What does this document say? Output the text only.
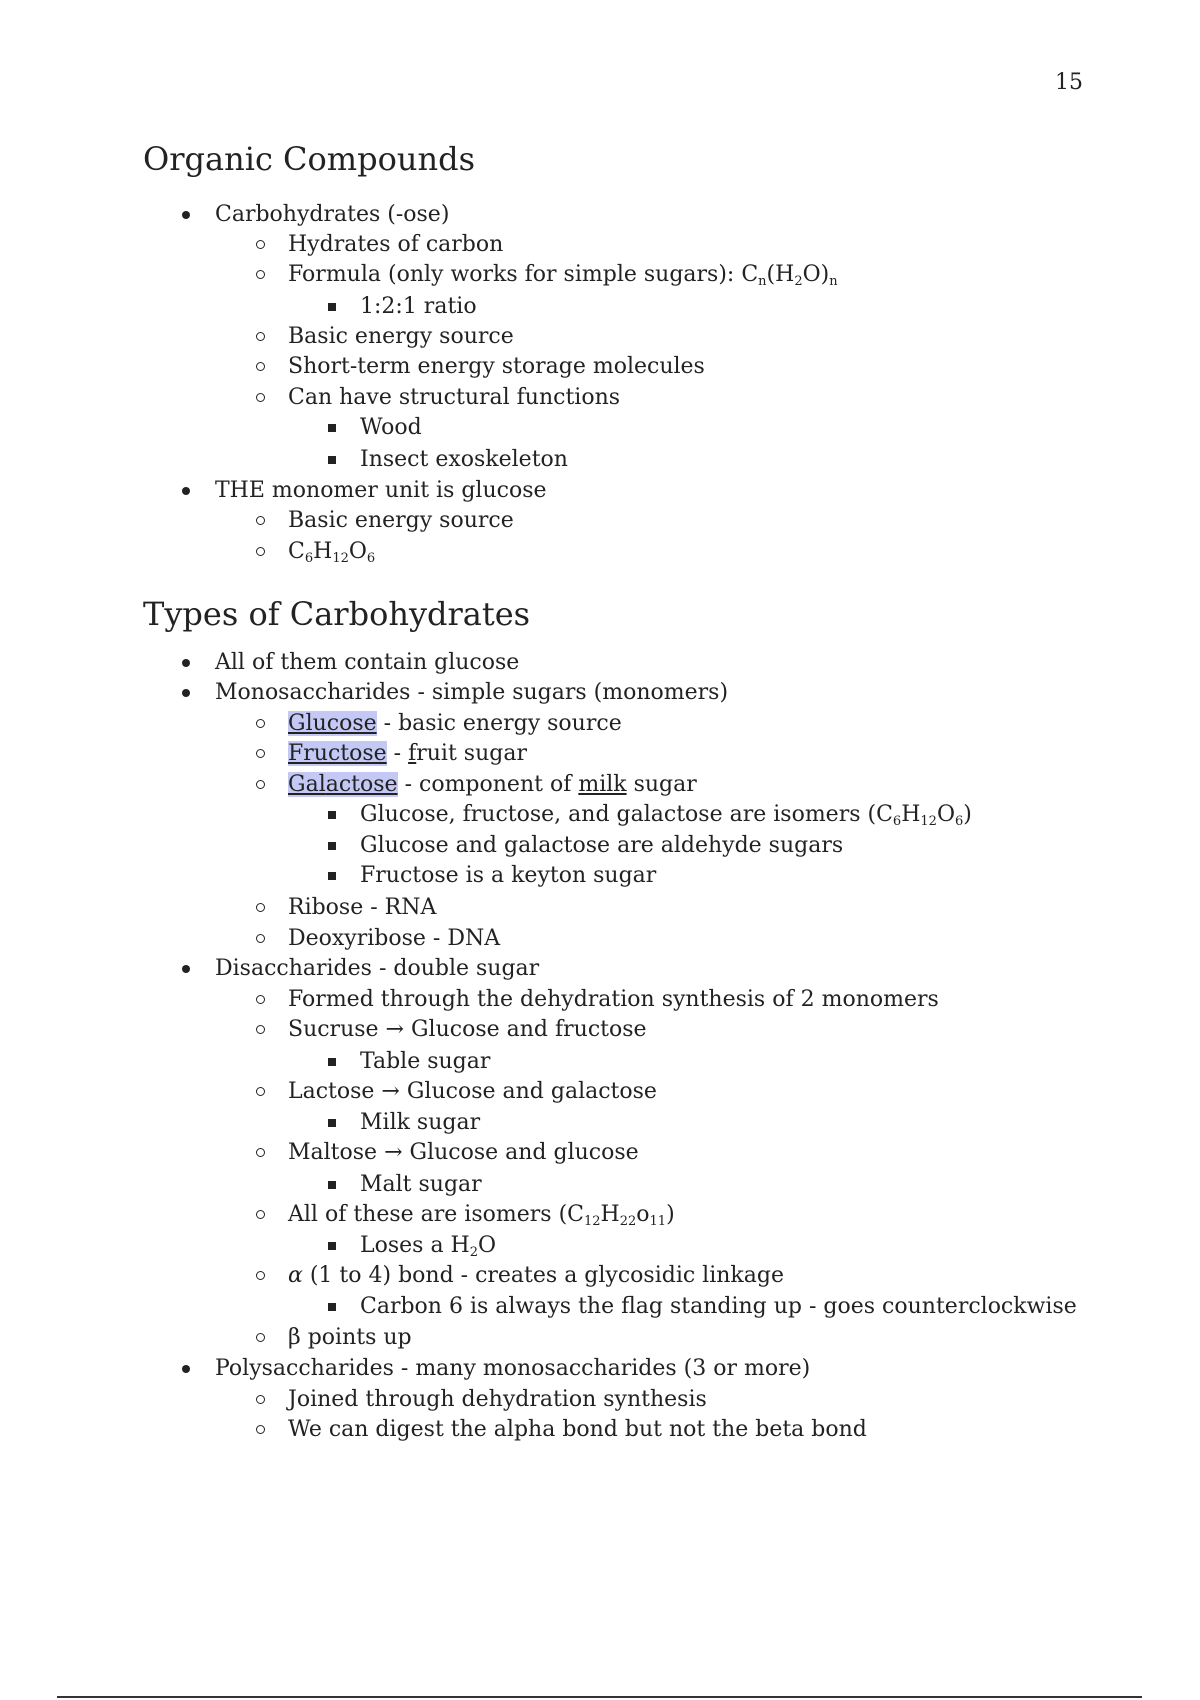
15
Organic Compounds
Carbohydrates (-ose)
Hydrates of carbon
Formula (only works for simple sugars): $C_n(H_2O)_n$
1:2:1 ratio
Basic energy source
Short-term energy storage molecules
Can have structural functions
Wood
Insect exoskeleton
THE monomer unit is glucose
Basic energy source
$C_6H_{12}O_6$
Types of Carbohydrates
All of them contain glucose
Monosaccharides - simple sugars (monomers)
Glucose - basic energy source
Fructose - fruit sugar
Galactose - component of milk sugar
Glucose, fructose, and galactose are isomers $(C_6H_{12}O_6)$
Glucose and galactose are aldehyde sugars
Fructose is a keyton sugar
Ribose - RNA
Deoxyribose - DNA
Disaccharides - double sugar
Formed through the dehydration synthesis of 2 monomers
Sucruse → Glucose and fructose
Table sugar
Lactose → Glucose and galactose
Milk sugar
Maltose → Glucose and glucose
Malt sugar
All of these are isomers $(C_{12}H_{22}o_{11})$
Loses a $H_2O$
α (1 to 4) bond - creates a glycosidic linkage
Carbon 6 is always the flag standing up - goes counterclockwise
β points up
Polysaccharides - many monosaccharides (3 or more)
Joined through dehydration synthesis
We can digest the alpha bond but not the beta bond
